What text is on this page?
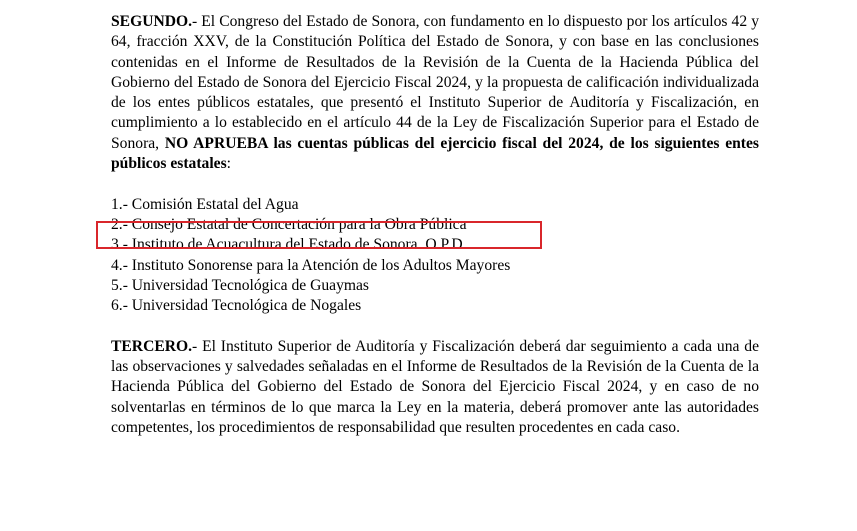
SEGUNDO.- El Congreso del Estado de Sonora, con fundamento en lo dispuesto por los artículos 42 y 64, fracción XXV, de la Constitución Política del Estado de Sonora, y con base en las conclusiones contenidas en el Informe de Resultados de la Revisión de la Cuenta de la Hacienda Pública del Gobierno del Estado de Sonora del Ejercicio Fiscal 2024, y la propuesta de calificación individualizada de los entes públicos estatales, que presentó el Instituto Superior de Auditoría y Fiscalización, en cumplimiento a lo establecido en el artículo 44 de la Ley de Fiscalización Superior para el Estado de Sonora, NO APRUEBA las cuentas públicas del ejercicio fiscal del 2024, de los siguientes entes públicos estatales:

1.- Comisión Estatal del Agua
2.- Consejo Estatal de Concertación para la Obra Pública
3.- Instituto de Acuacultura del Estado de Sonora. O.P.D.
4.- Instituto Sonorense para la Atención de los Adultos Mayores
5.- Universidad Tecnológica de Guaymas
6.- Universidad Tecnológica de Nogales

TERCERO.- El Instituto Superior de Auditoría y Fiscalización deberá dar seguimiento a cada una de las observaciones y salvedades señaladas en el Informe de Resultados de la Revisión de la Cuenta de la Hacienda Pública del Gobierno del Estado de Sonora del Ejercicio Fiscal 2024, y en caso de no solventarlas en términos de lo que marca la Ley en la materia, deberá promover ante las autoridades competentes, los procedimientos de responsabilidad que resulten procedentes en cada caso.
